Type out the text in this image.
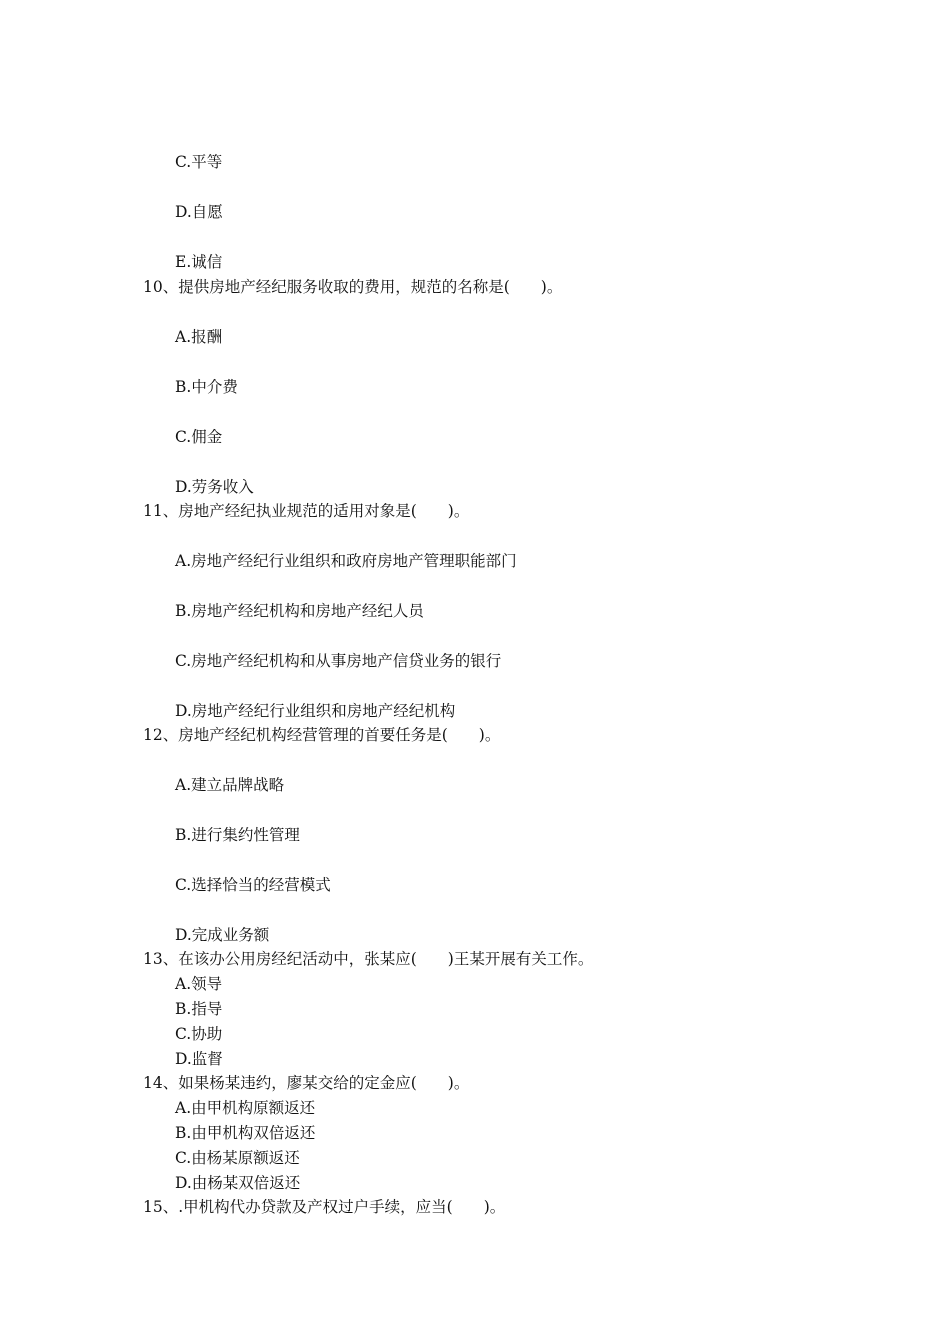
C.平等
D.自愿
E.诚信
10、提供房地产经纪服务收取的费用，规范的名称是(　　)。
A.报酬
B.中介费
C.佣金
D.劳务收入
11、房地产经纪执业规范的适用对象是(　　)。
A.房地产经纪行业组织和政府房地产管理职能部门
B.房地产经纪机构和房地产经纪人员
C.房地产经纪机构和从事房地产信贷业务的银行
D.房地产经纪行业组织和房地产经纪机构
12、房地产经纪机构经营管理的首要任务是(　　)。
A.建立品牌战略
B.进行集约性管理
C.选择恰当的经营模式
D.完成业务额
13、在该办公用房经纪活动中，张某应(　　)王某开展有关工作。
A.领导
B.指导
C.协助
D.监督
14、如果杨某违约，廖某交给的定金应(　　)。
A.由甲机构原额返还
B.由甲机构双倍返还
C.由杨某原额返还
D.由杨某双倍返还
15、.甲机构代办贷款及产权过户手续，应当(　　)。
